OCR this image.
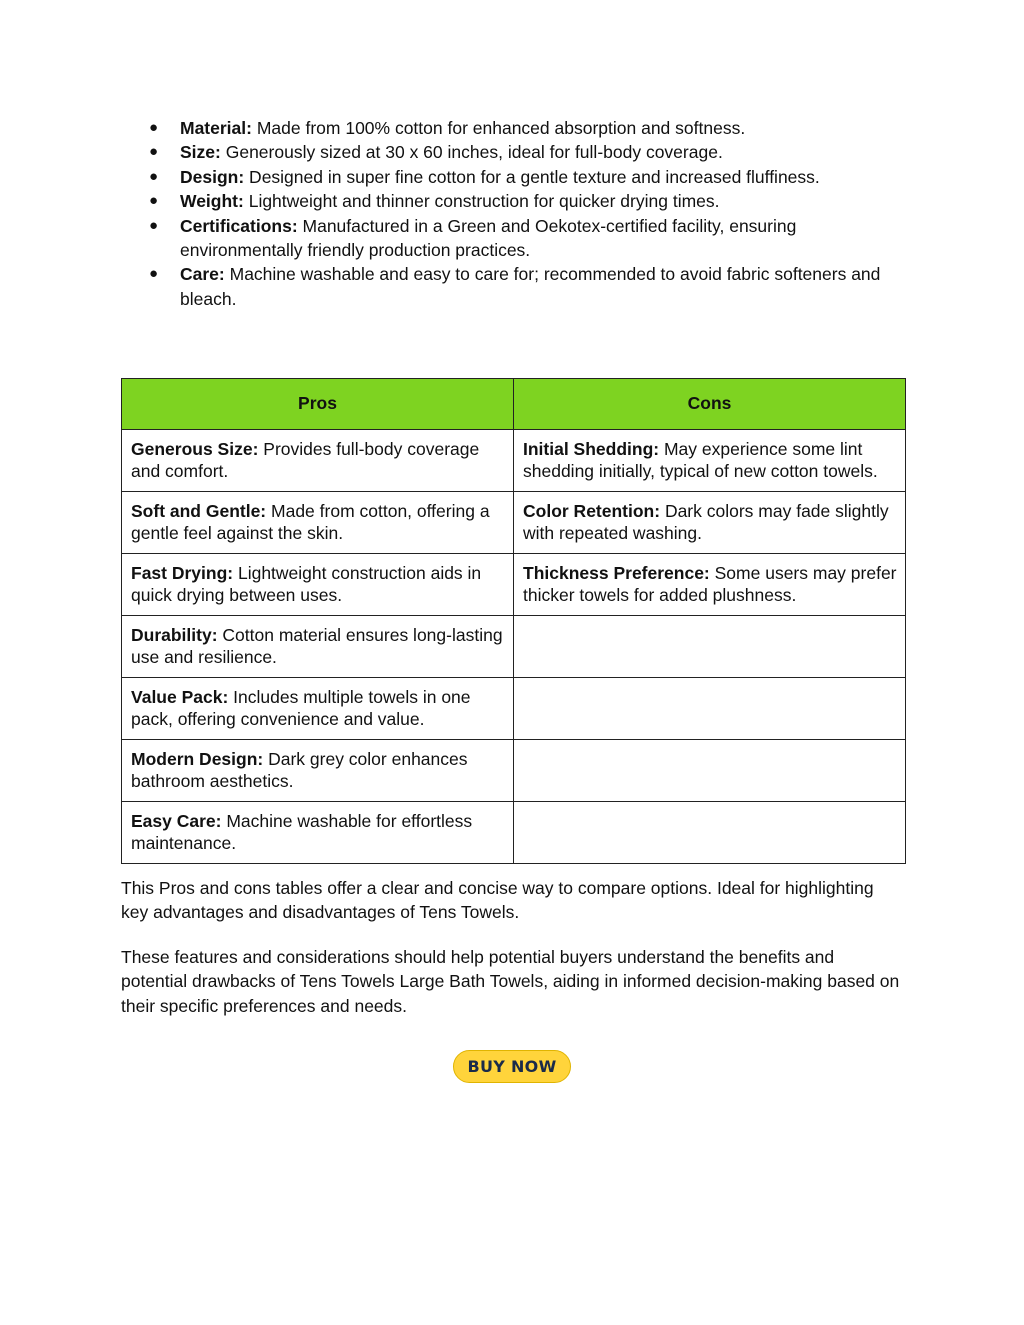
● Material: Made from 100% cotton for enhanced absorption and softness.
● Size: Generously sized at 30 x 60 inches, ideal for full-body coverage.
● Design: Designed in super fine cotton for a gentle texture and increased fluffiness.
● Weight: Lightweight and thinner construction for quicker drying times.
● Certifications: Manufactured in a Green and Oekotex-certified facility, ensuring environmentally friendly production practices.
● Care: Machine washable and easy to care for; recommended to avoid fabric softeners and bleach.
Pros	Cons
Generous Size: Provides full-body coverage and comfort.	Initial Shedding: May experience some lint shedding initially, typical of new cotton towels.
Soft and Gentle: Made from cotton, offering a gentle feel against the skin.	Color Retention: Dark colors may fade slightly with repeated washing.
Fast Drying: Lightweight construction aids in quick drying between uses.	Thickness Preference: Some users may prefer thicker towels for added plushness.
Durability: Cotton material ensures long-lasting use and resilience.	
Value Pack: Includes multiple towels in one pack, offering convenience and value.	
Modern Design: Dark grey color enhances bathroom aesthetics.	
Easy Care: Machine washable for effortless maintenance.	

This Pros and cons tables offer a clear and concise way to compare options. Ideal for highlighting key advantages and disadvantages of Tens Towels.

These features and considerations should help potential buyers understand the benefits and potential drawbacks of Tens Towels Large Bath Towels, aiding in informed decision-making based on their specific preferences and needs.

BUY NOW
